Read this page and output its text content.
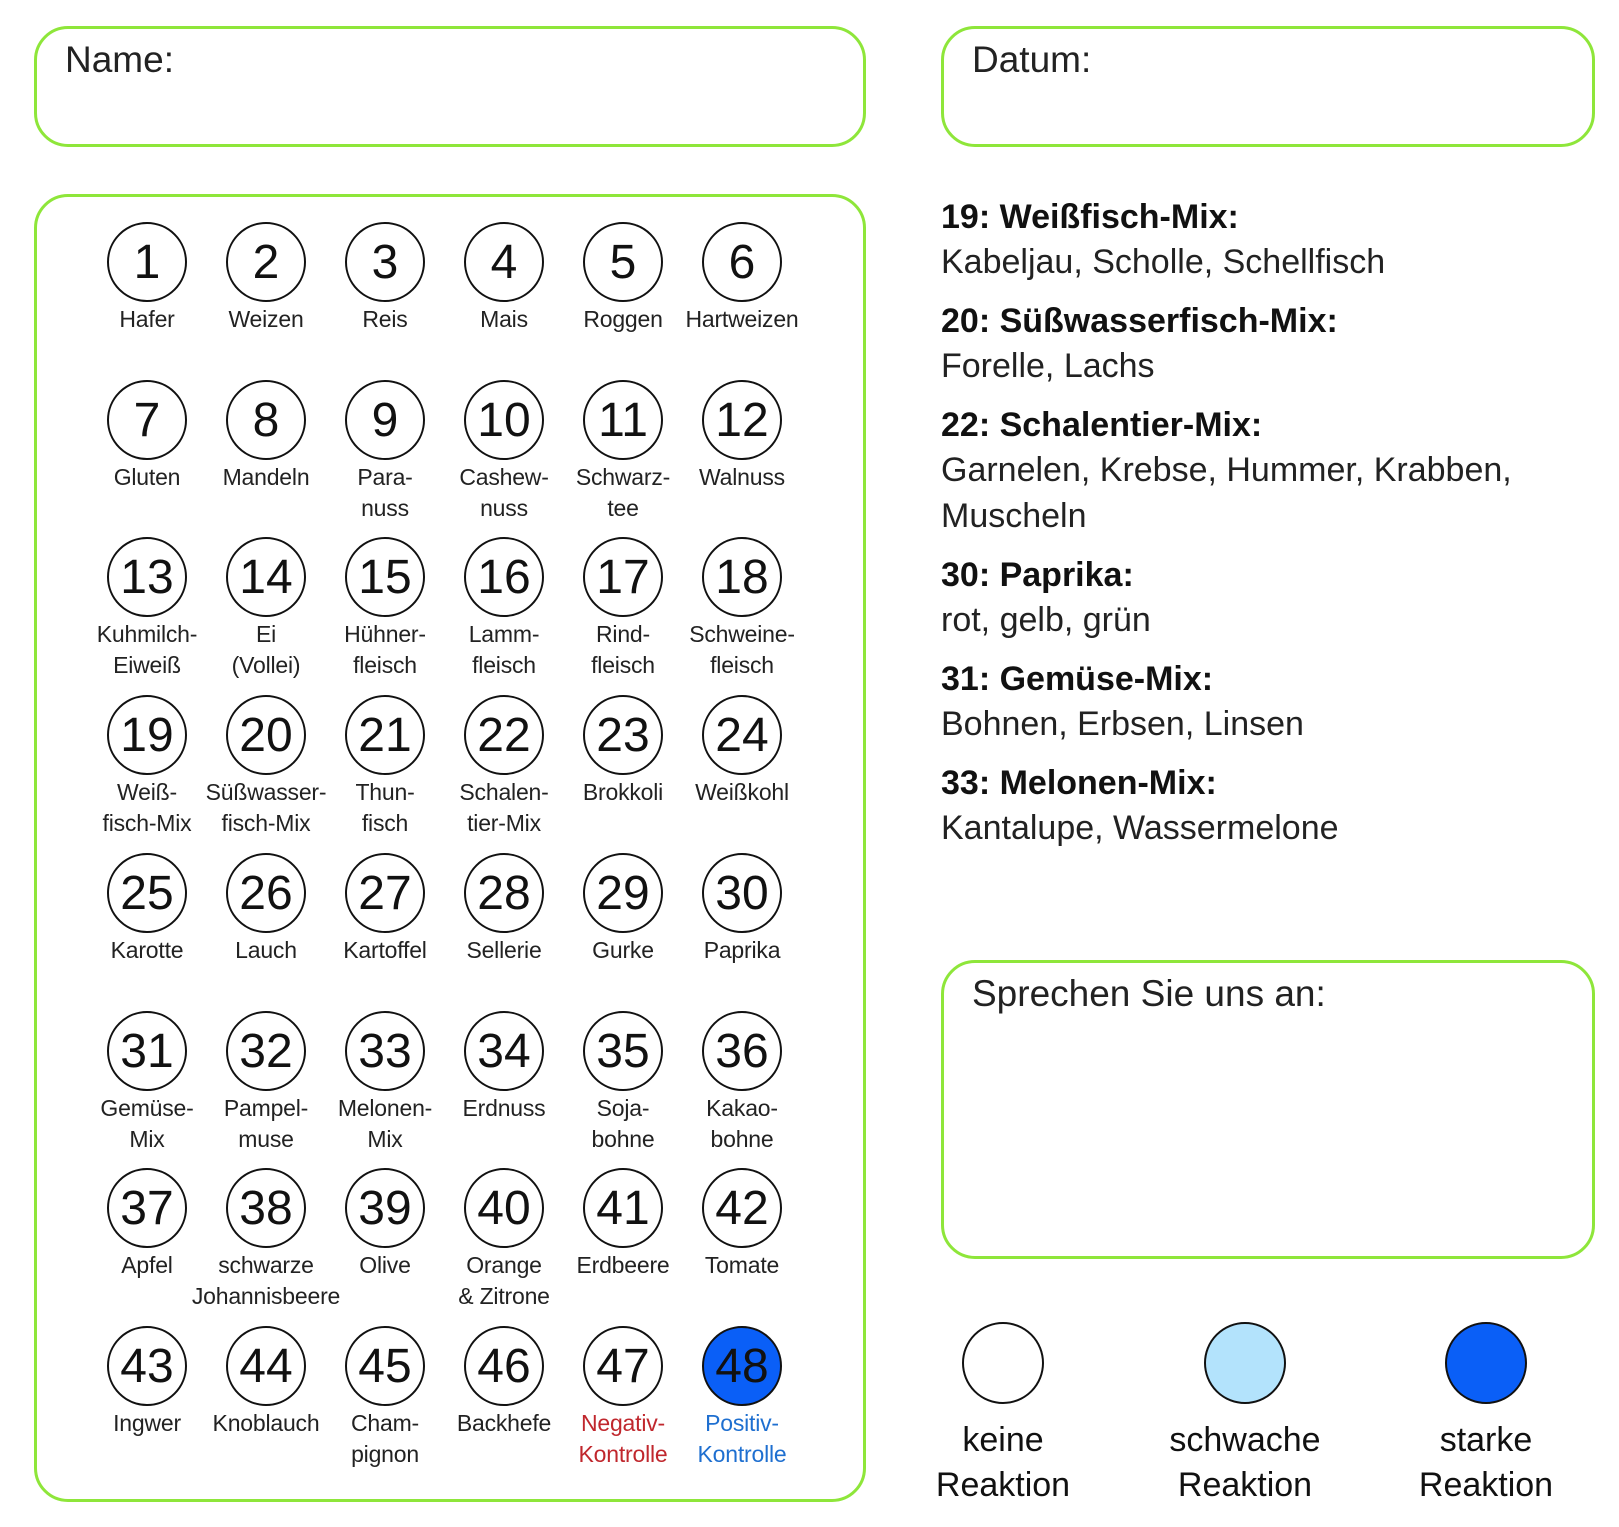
Name:	Datum:
1
Hafer
2
Weizen
3
Reis
4
Mais
5
Roggen
6
Hartweizen
7
Gluten
8
Mandeln
9
Para-
nuss
10
Cashew-
nuss
11
Schwarz-
tee
12
Walnuss
13
Kuhmilch-
Eiweiß
14
Ei
(Vollei)
15
Hühner-
fleisch
16
Lamm-
fleisch
17
Rind-
fleisch
18
Schweine-
fleisch
19
Weiß-
fisch-Mix
20
Süßwasser-
fisch-Mix
21
Thun-
fisch
22
Schalen-
tier-Mix
23
Brokkoli
24
Weißkohl
25
Karotte
26
Lauch
27
Kartoffel
28
Sellerie
29
Gurke
30
Paprika
31
Gemüse-
Mix
32
Pampel-
muse
33
Melonen-
Mix
34
Erdnuss
35
Soja-
bohne
36
Kakao-
bohne
37
Apfel
38
schwarze
Johannisbeere
39
Olive
40
Orange
& Zitrone
41
Erdbeere
42
Tomate
43
Ingwer
44
Knoblauch
45
Cham-
pignon
46
Backhefe
47
Negativ-
Kontrolle
48
Positiv-
Kontrolle
19: Weißfisch-Mix:
Kabeljau, Scholle, Schellfisch
20: Süßwasserfisch-Mix:
Forelle, Lachs
22: Schalentier-Mix:
Garnelen, Krebse, Hummer, Krabben, Muscheln
30: Paprika:
rot, gelb, grün
31: Gemüse-Mix:
Bohnen, Erbsen, Linsen
33: Melonen-Mix:
Kantalupe, Wassermelone
Sprechen Sie uns an:
keine
Reaktion
schwache
Reaktion
starke
Reaktion
